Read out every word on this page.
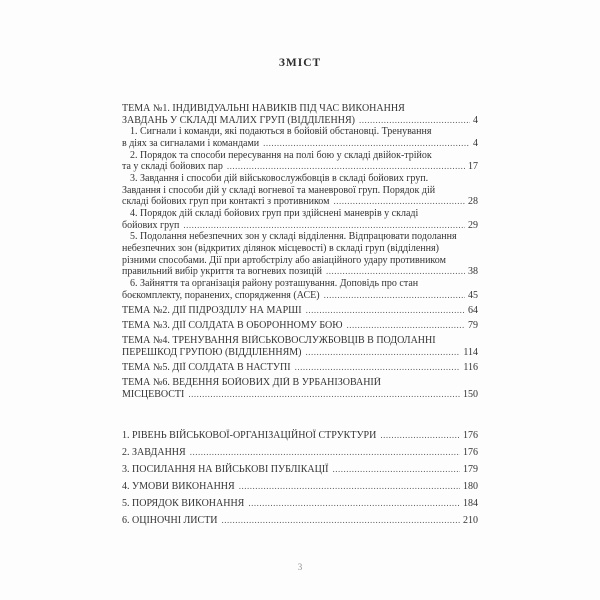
ЗМІСТ
ТЕМА №1. ІНДИВІДУАЛЬНІ НАВИКІВ ПІД ЧАС ВИКОНАННЯ
ЗАВДАНЬ У СКЛАДІ МАЛИХ ГРУП (ВІДДІЛЕННЯ) .....	4
1. Сигнали і команди, які подаються в бойовій обстановці. Тренування
в діях за сигналами і командами .....	4
2. Порядок та способи пересування на полі бою у складі двійок-трійок
та у складі бойових пар .....	17
3. Завдання і способи дій військовослужбовців в складі бойових груп.
Завдання і способи дій у складі вогневої та маневрової груп. Порядок дій
складі бойових груп при контакті з противником .....	28
4. Порядок дій складі бойових груп при здійснені маневрів у складі
бойових груп .....	29
5. Подолання небезпечних зон у складі відділення. Відпрацювати подолання
небезпечних зон (відкритих ділянок місцевості) в складі груп (відділення)
різними способами. Дії при артобстрілу або авіаційного удару противником
правильний вибір укриття та вогневих позицій .....	38
6. Зайняття та організація району розташування. Доповідь про стан
боєкомплекту, поранених, спорядження (АСЕ) .....	45
ТЕМА №2. ДІЇ ПІДРОЗДІЛУ НА МАРШІ .....	64
ТЕМА №3. ДІЇ СОЛДАТА В ОБОРОННОМУ БОЮ .....	79
ТЕМА №4. ТРЕНУВАННЯ ВІЙСЬКОВОСЛУЖБОВЦІВ В ПОДОЛАННІ
ПЕРЕШКОД ГРУПОЮ (ВІДДІЛЕННЯМ) .....	114
ТЕМА №5. ДІЇ СОЛДАТА В НАСТУПІ .....	116
ТЕМА №6. ВЕДЕННЯ БОЙОВИХ ДІЙ В УРБАНІЗОВАНІЙ
МІСЦЕВОСТІ .....	150
1. РІВЕНЬ ВІЙСЬКОВОЇ-ОРГАНІЗАЦІЙНОЇ СТРУКТУРИ .....	176
2. ЗАВДАННЯ .....	176
3. ПОСИЛАННЯ НА ВІЙСЬКОВІ ПУБЛІКАЦІЇ .....	179
4. УМОВИ ВИКОНАННЯ .....	180
5. ПОРЯДОК ВИКОНАННЯ .....	184
6. ОЦІНОЧНІ ЛИСТИ .....	210
3
